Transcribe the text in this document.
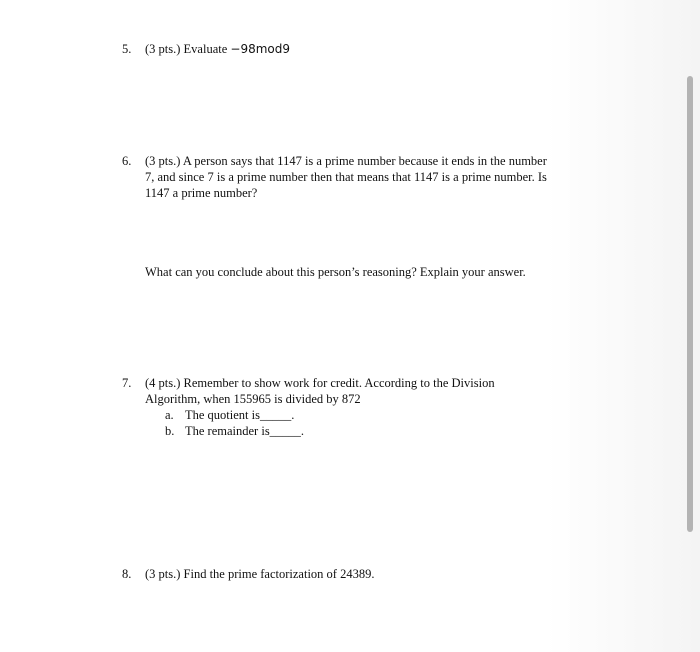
5. (3 pts.) Evaluate −98mod9
6. (3 pts.) A person says that 1147 is a prime number because it ends in the number
7, and since 7 is a prime number then that means that 1147 is a prime number. Is
1147 a prime number?
What can you conclude about this person’s reasoning? Explain your answer.
7. (4 pts.) Remember to show work for credit. According to the Division
Algorithm, when 155965 is divided by 872
a. The quotient is_____.
b. The remainder is_____.
8. (3 pts.) Find the prime factorization of 24389.
